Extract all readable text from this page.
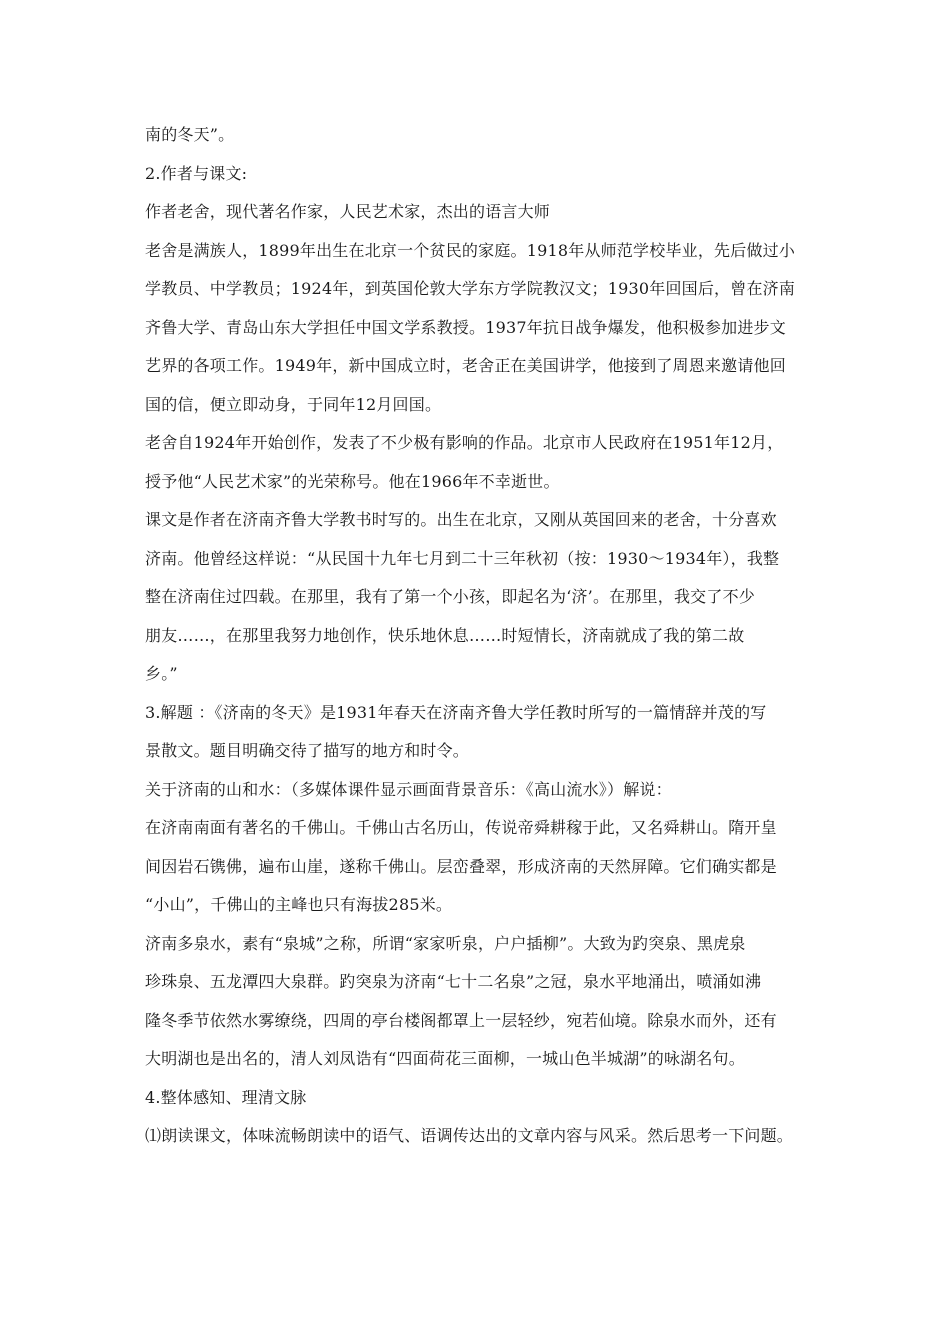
南的冬天”。
2.作者与课文:
作者老舍，现代著名作家，人民艺术家，杰出的语言大师
老舍是满族人，1899年出生在北京一个贫民的家庭。1918年从师范学校毕业，先后做过小
学教员、中学教员；1924年，到英国伦敦大学东方学院教汉文；1930年回国后，曾在济南
齐鲁大学、青岛山东大学担任中国文学系教授。1937年抗日战争爆发，他积极参加进步文
艺界的各项工作。1949年，新中国成立时，老舍正在美国讲学，他接到了周恩来邀请他回
国的信，便立即动身，于同年12月回国。
老舍自1924年开始创作，发表了不少极有影响的作品。北京市人民政府在1951年12月，
授予他“人民艺术家”的光荣称号。他在1966年不幸逝世。
课文是作者在济南齐鲁大学教书时写的。出生在北京，又刚从英国回来的老舍，十分喜欢
济南。他曾经这样说：“从民国十九年七月到二十三年秋初（按：1930～1934年），我整
整在济南住过四载。在那里，我有了第一个小孩，即起名为‘济’。在那里，我交了不少
朋友……，在那里我努力地创作，快乐地休息……时短情长，济南就成了我的第二故
乡。”
3.解题 ：《济南的冬天》是1931年春天在济南齐鲁大学任教时所写的一篇情辞并茂的写
景散文。题目明确交待了描写的地方和时令。
关于济南的山和水：（多媒体课件显示画面背景音乐：《高山流水》）解说：
在济南南面有著名的千佛山。千佛山古名历山，传说帝舜耕稼于此，又名舜耕山。隋开皇
间因岩石镌佛，遍布山崖，遂称千佛山。层峦叠翠，形成济南的天然屏障。它们确实都是
“小山”，千佛山的主峰也只有海拔285米。
济南多泉水，素有“泉城”之称，所谓“家家听泉，户户插柳”。大致为趵突泉、黑虎泉
珍珠泉、五龙潭四大泉群。趵突泉为济南“七十二名泉”之冠，泉水平地涌出，喷涌如沸
隆冬季节依然水雾缭绕，四周的亭台楼阁都罩上一层轻纱，宛若仙境。除泉水而外，还有
大明湖也是出名的，清人刘凤诰有“四面荷花三面柳，一城山色半城湖”的咏湖名句。
4.整体感知、理清文脉
⑴朗读课文，体味流畅朗读中的语气、语调传达出的文章内容与风采。然后思考一下问题。
